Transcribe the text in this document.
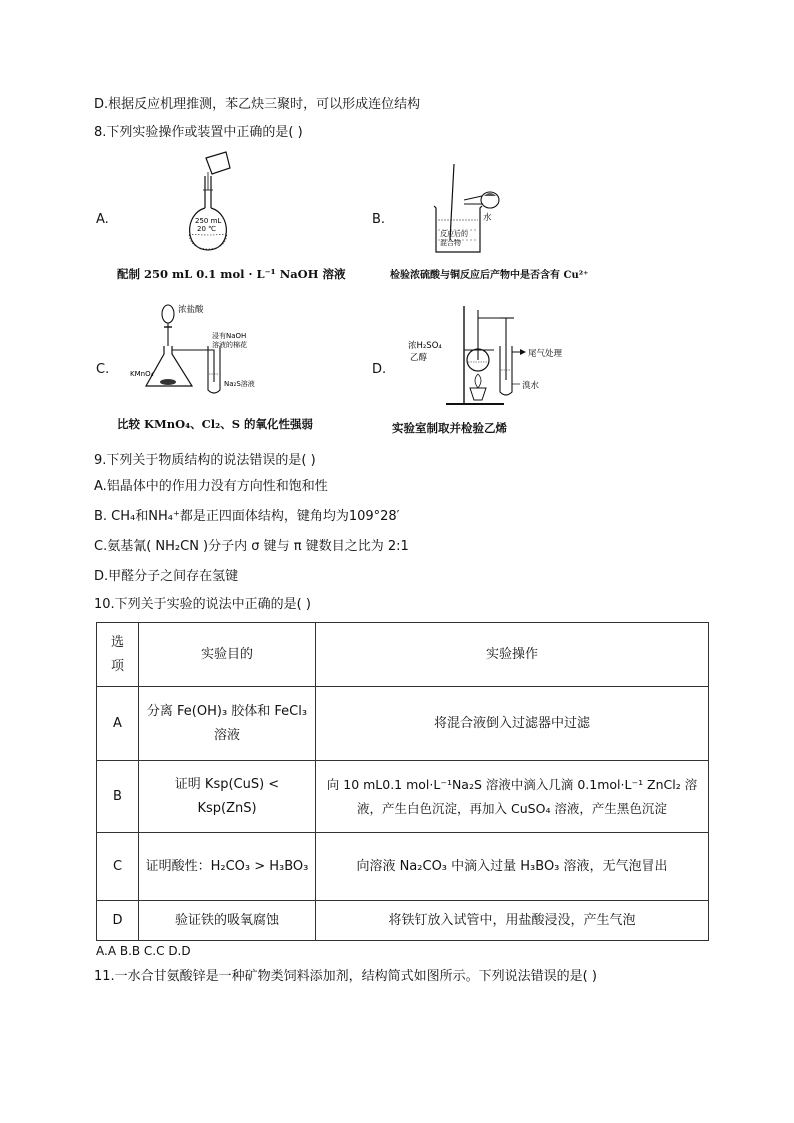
D.根据反应机理推测，苯乙炔三聚时，可以形成连位结构
8.下列实验操作或装置中正确的是( )
A.	250 mL
20 ℃
配制 250 mL 0.1 mol · L⁻¹ NaOH 溶液
B.	水
反应后的
混合物
检验浓硫酸与铜反应后产物中是否含有 Cu²⁺
C.
浓盐酸
浸有NaOH
溶液的棉花
KMnO₄
Na₂S溶液
比较 KMnO₄、Cl₂、S 的氧化性强弱
D.
浓H₂SO₄
乙醇	尾气处理
溴水
实验室制取并检验乙烯
9.下列关于物质结构的说法错误的是( )
A.铝晶体中的作用力没有方向性和饱和性
B. CH₄和NH₄⁺都是正四面体结构，键角均为109°28′
C.氨基氰( NH₂CN )分子内 σ 键与 π 键数目之比为 2:1
D.甲醛分子之间存在氢键
10.下列关于实验的说法中正确的是( )
选项	实验目的	实验操作
A	分离 Fe(OH)₃ 胶体和 FeCl₃ 溶液	将混合液倒入过滤器中过滤
B	证明 Ksp(CuS) < Ksp(ZnS)	向 10 mL0.1 mol·L⁻¹Na₂S 溶液中滴入几滴 0.1mol·L⁻¹ ZnCl₂ 溶液，产生白色沉淀，再加入 CuSO₄ 溶液，产生黑色沉淀
C	证明酸性：H₂CO₃ > H₃BO₃	向溶液 Na₂CO₃ 中滴入过量 H₃BO₃ 溶液，无气泡冒出
D	验证铁的吸氧腐蚀	将铁钉放入试管中，用盐酸浸没，产生气泡
A.A B.B C.C D.D
11.一水合甘氨酸锌是一种矿物类饲料添加剂，结构简式如图所示。下列说法错误的是( )
